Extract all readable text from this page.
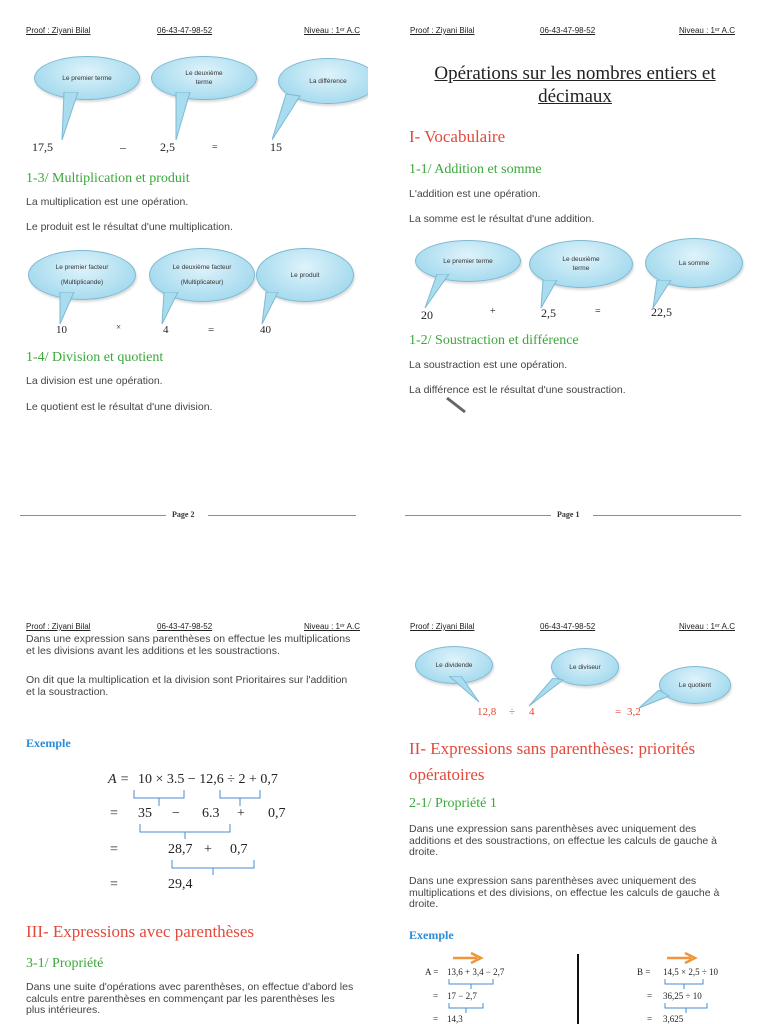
Proof : Ziyani Bilal	06-43-47-98-52	Niveau : 1ᵉʳ A.C
Le premier terme
Le deuxième terme	La différence
17,5	–	2,5	=	15
1-3/ Multiplication et produit
La multiplication est une opération.
Le produit est le résultat d'une multiplication.
Le premier facteur
(Multiplicande)
Le deuxième facteur
(Multiplicateur)
Le produit
10	×	4	=	40
1-4/ Division et quotient
La division est une opération.
Le quotient est le résultat d'une division.
Page 2
Proof : Ziyani Bilal	06-43-47-98-52	Niveau : 1ᵉʳ A.C
Opérations sur les nombres entiers et décimaux
I- Vocabulaire
1-1/ Addition et somme
L'addition est une opération.
La somme est le résultat d'une addition.
Le premier terme	Le deuxième terme
La somme
20	+	2,5	=	22,5
1-2/ Soustraction et différence
La soustraction est une opération.
La différence est le résultat d'une soustraction.
Page 1
Proof : Ziyani Bilal	06-43-47-98-52	Niveau : 1ᵉʳ A.C
Dans une expression sans parenthèses on effectue les multiplications et les divisions avant les additions et les soustractions.
On dit que la multiplication et la division sont Prioritaires sur l'addition et la soustraction.
Exemple
A = 10 × 3.5 − 12,6 ÷ 2 + 0,7
= 35 − 6.3 + 0,7
=	28,7 + 0,7
=	29,4
III- Expressions avec parenthèses
3-1/ Propriété
Dans une suite d'opérations avec parenthèses, on effectue d'abord les calculs entre parenthèses en commençant par les parenthèses les plus intérieures.
Proof : Ziyani Bilal	06-43-47-98-52	Niveau : 1ᵉʳ A.C
Le dividende	Le diviseur
Le quotient
12,8 ÷ 4	= 3,2
II- Expressions sans parenthèses: priorités opératoires
2-1/ Propriété 1
Dans une expression sans parenthèses avec uniquement des additions et des soustractions, on effectue les calculs de gauche à droite.
Dans une expression sans parenthèses avec uniquement des multiplications et des divisions, on effectue les calculs de gauche à droite.
Exemple
A = 13,6 + 3,4 − 2,7
= 17 − 2,7
= 14,3
B = 14,5 × 2,5 ÷ 10
= 36,25 ÷ 10
= 3,625
